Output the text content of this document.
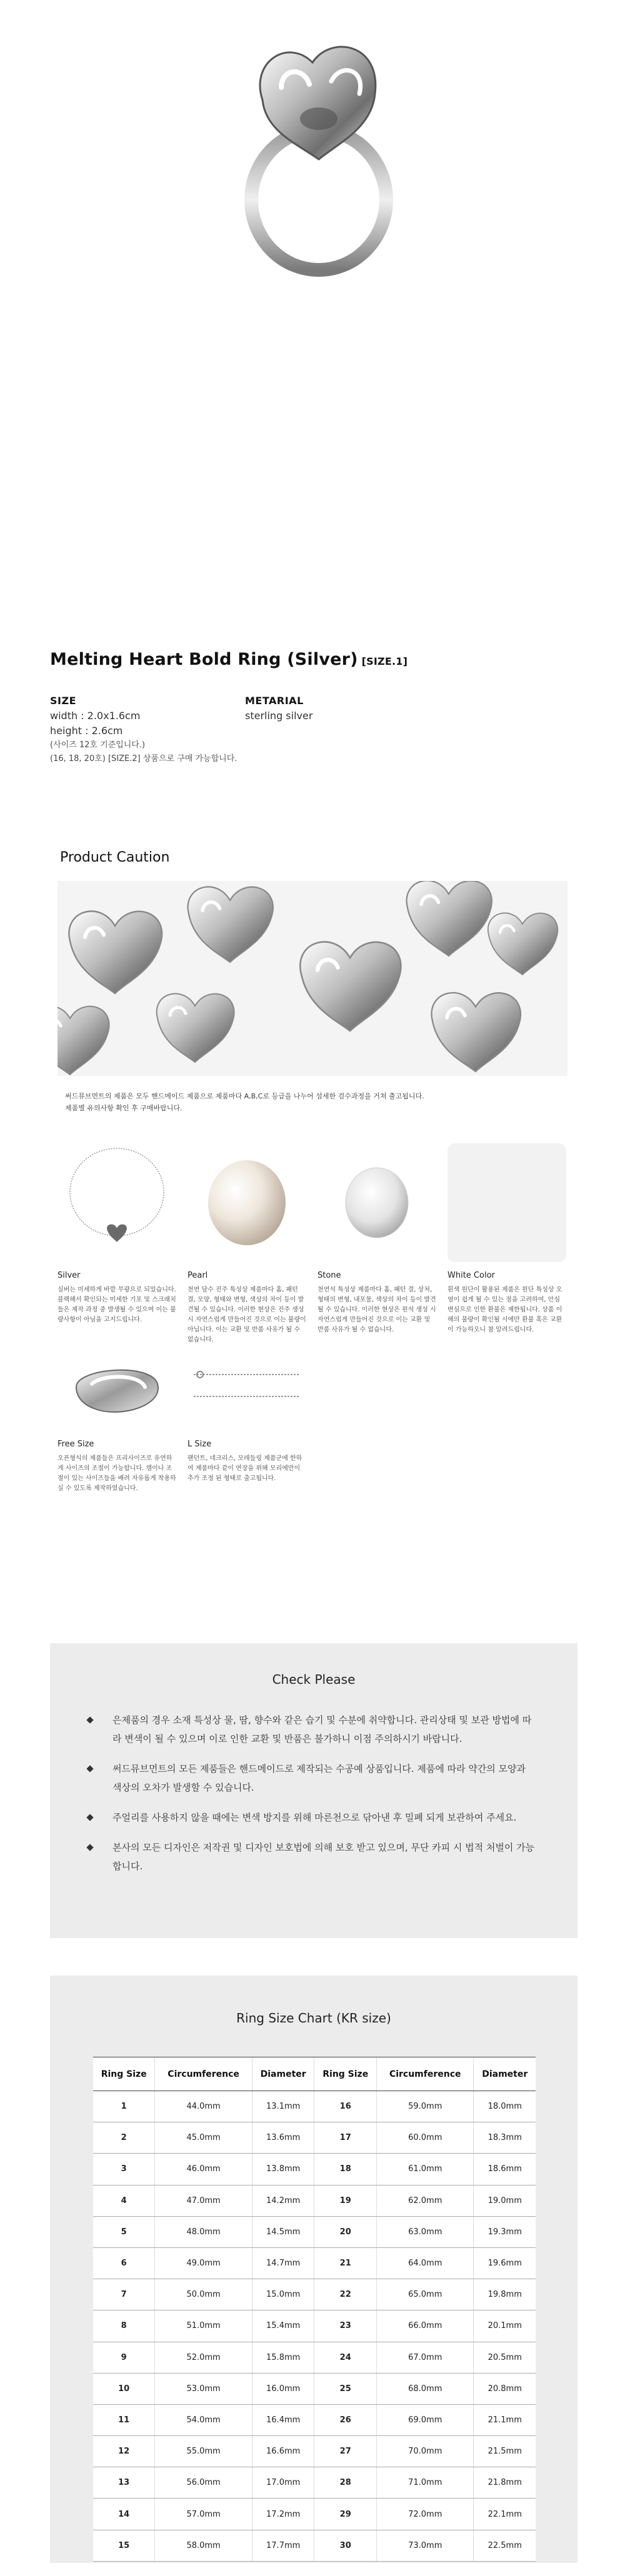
Melting Heart Bold Ring (Silver) [SIZE.1]
SIZE
width : 2.0x1.6cm
height : 2.6cm
(사이즈 12호 기준입니다.)
(16, 18, 20호) [SIZE.2] 상품으로 구매 가능합니다.
METARIAL
sterling silver
Product Caution
써드뮤브먼트의 제품은 모두 핸드메이드 제품으로 제품마다 A,B,C로 등급을 나누어 섬세한 검수과정을 거쳐 출고됩니다.
제품별 유의사항 확인 후 구매바랍니다.
Silver
실버는 미세하게 바깥 무광으로 되었습니다. 블랙해서 확인되는 미세한 기포 및 스크래치들은 제작 과정 중 발생될 수 있으며 이는 불량사항이 아님을 고지드립니다.
Pearl
천연 담수 진주 특성상 제품마다 홈, 패턴 결, 모양, 형태와 변형, 색상의 차이 등이 발견될 수 있습니다. 이러한 현상은 진주 생성 시 자연스럽게 만들어진 것으로 이는 불량이 아닙니다. 이는 교환 및 반품 사유가 될 수 없습니다.
Stone
천연석 특성상 제품마다 홈, 패턴 결, 상처, 형태의 변형, 내포물, 색상의 차이 등이 발견될 수 있습니다. 이러한 현상은 원석 생성 시 자연스럽게 만들어진 것으로 이는 교환 및 반품 사유가 될 수 없습니다.
White Color
흰색 원단이 활용된 제품은 원단 특성상 오염이 쉽게 될 수 있는 점을 고려하여, 안심 변심으로 인한 환불은 제한됩니다. 상품 이해의 불량이 확인될 시에만 환불 혹은 교환이 가능하오니 참 알려드립니다.
Free Size
오픈형식의 제품들은 프리사이즈로 유연하게 사이즈의 조절이 가능합니다. 캠이나 조절이 있는 사이즈들을 배려 자유롭게 착용하실 수 있도록 제작하였습니다.
L Size
팬던트, 네크리스, 모레들링 제품군에 한하여 제품마다 같이 연장을 위해 모리에만이 추가 조정 된 형태로 출고됩니다.
Check Please
은제품의 경우 소재 특성상 물, 땀, 향수와 같은 습기 및 수분에 취약합니다. 관리상태 및 보관 방법에 따라 변색이 될 수 있으며 이로 인한 교환 및 반품은 불가하니 이점 주의하시기 바랍니다.
써드뮤브먼트의 모든 제품들은 핸드메이드로 제작되는 수공예 상품입니다. 제품에 따라 약간의 모양과 색상의 오차가 발생할 수 있습니다.
주얼리를 사용하지 않을 때에는 변색 방지를 위해 마른천으로 닦아낸 후 밀폐 되게 보관하여 주세요.
본사의 모든 디자인은 저작권 및 디자인 보호법에 의해 보호 받고 있으며, 무단 카피 시 법적 처벌이 가능합니다.
Ring Size Chart (KR size)
Ring Size	Circumference	Diameter	Ring Size	Circumference	Diameter
1	44.0mm	13.1mm	16	59.0mm	18.0mm
2	45.0mm	13.6mm	17	60.0mm	18.3mm
3	46.0mm	13.8mm	18	61.0mm	18.6mm
4	47.0mm	14.2mm	19	62.0mm	19.0mm
5	48.0mm	14.5mm	20	63.0mm	19.3mm
6	49.0mm	14.7mm	21	64.0mm	19.6mm
7	50.0mm	15.0mm	22	65.0mm	19.8mm
8	51.0mm	15.4mm	23	66.0mm	20.1mm
9	52.0mm	15.8mm	24	67.0mm	20.5mm
10	53.0mm	16.0mm	25	68.0mm	20.8mm
11	54.0mm	16.4mm	26	69.0mm	21.1mm
12	55.0mm	16.6mm	27	70.0mm	21.5mm
13	56.0mm	17.0mm	28	71.0mm	21.8mm
14	57.0mm	17.2mm	29	72.0mm	22.1mm
15	58.0mm	17.7mm	30	73.0mm	22.5mm
